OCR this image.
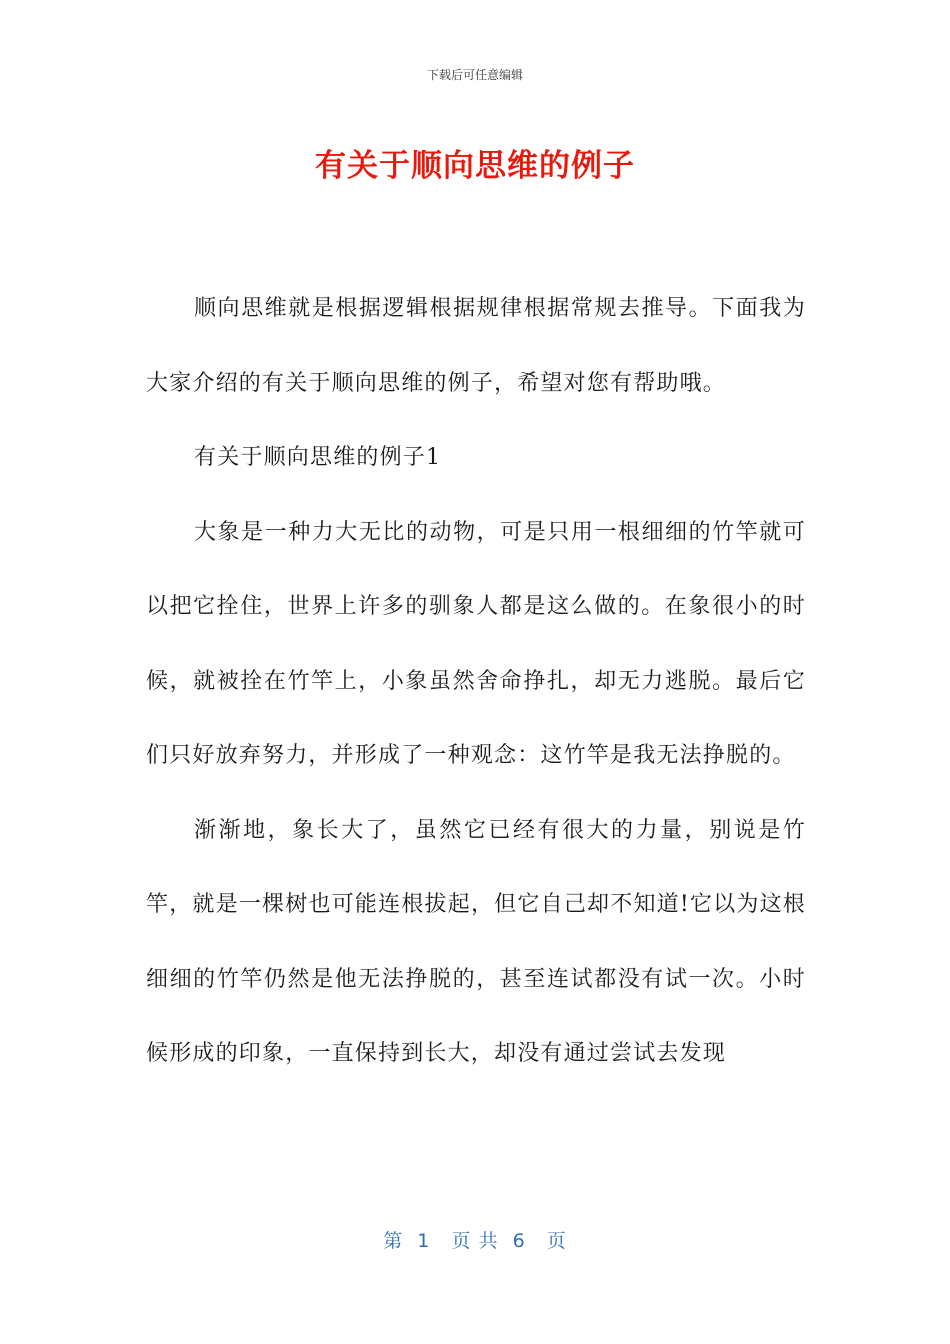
下载后可任意编辑
有关于顺向思维的例子

顺向思维就是根据逻辑根据规律根据常规去推导。下面我为大家介绍的有关于顺向思维的例子，希望对您有帮助哦。

有关于顺向思维的例子1

大象是一种力大无比的动物，可是只用一根细细的竹竿就可以把它拴住，世界上许多的驯象人都是这么做的。在象很小的时候，就被拴在竹竿上，小象虽然舍命挣扎，却无力逃脱。最后它们只好放弃努力，并形成了一种观念：这竹竿是我无法挣脱的。

渐渐地，象长大了，虽然它已经有很大的力量，别说是竹竿，就是一棵树也可能连根拔起，但它自己却不知道!它以为这根细细的竹竿仍然是他无法挣脱的，甚至连试都没有试一次。小时候形成的印象，一直保持到长大，却没有通过尝试去发现

第  1   页 共  6   页
